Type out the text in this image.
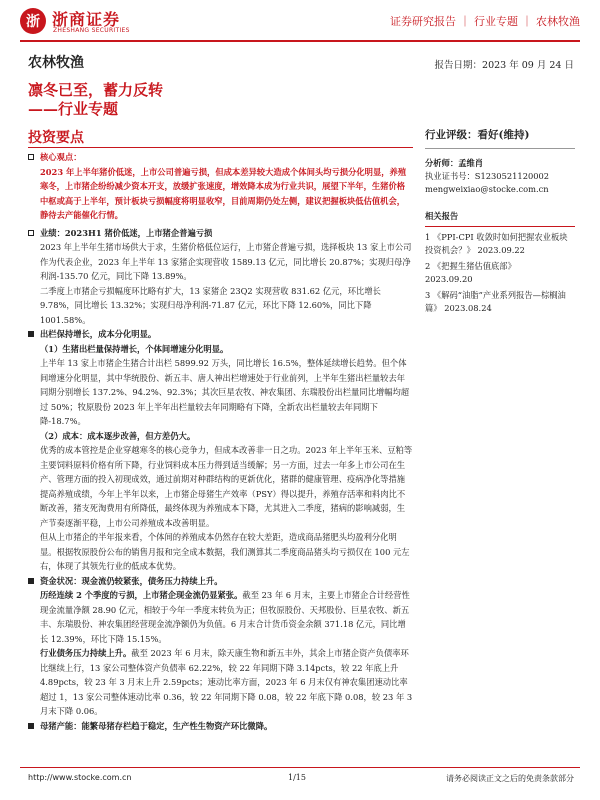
浙 浙商证券
ZHESHANG SECURITIES
证券研究报告 ｜ 行业专题 ｜ 农林牧渔
农林牧渔	报告日期：2023 年 09 月 24 日
凛冬已至，蓄力反转
——行业专题
投资要点
核心观点：
2023 年上半年猪价低迷，上市公司普遍亏损，但成本差异较大造成个体间头均亏损分化明显，养殖寒冬，上市猪企纷纷减少资本开支，放缓扩张速度，增效降本成为行业共识，展望下半年，生猪价格中枢或高于上半年，预计板块亏损幅度将明显收窄，目前周期仍处左侧，建议把握板块低估值机会，静待去产能催化行情。
业绩：2023H1 猪价低迷，上市猪企普遍亏损
2023 年上半年生猪市场供大于求，生猪价格低位运行，上市猪企普遍亏损，选择板块 13 家上市公司作为代表企业，2023 年上半年 13 家猪企实现营收 1589.13 亿元，同比增长 20.87%；实现归母净利润-135.70 亿元，同比下降 13.89%。
二季度上市猪企亏损幅度环比略有扩大，13 家猪企 23Q2 实现营收 831.62 亿元，环比增长 9.78%，同比增长 13.32%；实现归母净利润-71.87 亿元，环比下降 12.60%，同比下降 1001.58%。
出栏保持增长，成本分化明显。
（1）生猪出栏量保持增长，个体间增速分化明显。
上半年 13 家上市猪企生猪合计出栏 5899.92 万头，同比增长 16.5%，整体延续增长趋势。但个体间增速分化明显，其中华统股份、新五丰、唐人神出栏增速处于行业前列，上半年生猪出栏量较去年同期分别增长 137.2%、94.2%、92.3%；其次巨星农牧、神农集团、东瑞股份出栏量同比增幅均超过 50%；牧原股份 2023 年上半年出栏量较去年同期略有下降，全新农出栏量较去年同期下降-18.7%。
（2）成本：成本逐步改善，但方差仍大。
优秀的成本管控是企业穿越寒冬的核心竞争力，但成本改善非一日之功。2023 年上半年玉米、豆粕等主要饲料原料价格有所下降，行业饲料成本压力得到适当缓解；另一方面，过去一年多上市公司在生产、管理方面的投入初现成效，通过前期对种群结构的更新优化，猪群的健康管理、疫病净化等措施提高养殖成绩，今年上半年以来，上市猪企母猪生产效率（PSY）得以提升，养殖存活率和料肉比不断改善，猪支死淘费用有所降低，最终体现为养殖成本下降，尤其进入二季度，猪病的影响减弱，生产节奏逐渐平稳，上市公司养殖成本改善明显。
但从上市猪企的半年报来看，个体间的养殖成本仍然存在较大差距，造成商品猪肥头均盈利分化明显。根据牧原股份公布的销售月报和完全成本数据，我们测算其二季度商品猪头均亏损仅在 100 元左右，体现了其领先行业的低成本优势。
资金状况：现金流仍较紧张，债务压力持续上升。
历经连续 2 个季度的亏损，上市猪企现金流仍显紧张。截至 23 年 6 月末，主要上市猪企合计经营性现金流量净额 28.90 亿元，相较于今年一季度末转负为正；但牧原股份、天邦股份、巨星农牧、新五丰、东瑞股份、神农集团经营现金流净额仍为负值。6 月末合计货币资金余额 371.18 亿元，同比增长 12.39%，环比下降 15.15%。
行业债务压力持续上升。截至 2023 年 6 月末，除天康生物和新五丰外，其余上市猪企资产负债率环比继续上行，13 家公司整体资产负债率 62.22%，较 22 年同期下降 3.14pcts，较 22 年底上升 4.89pcts，较 23 年 3 月末上升 2.59pcts；速动比率方面，2023 年 6 月末仅有神农集团速动比率超过 1，13 家公司整体速动比率 0.36，较 22 年同期下降 0.08，较 22 年底下降 0.08，较 23 年 3 月末下降 0.06。
母猪产能：能繁母猪存栏趋于稳定，生产性生物资产环比微降。
行业评级：看好(维持)
分析师：孟维肖
执业证书号：S1230521120002
mengweixiao@stocke.com.cn
相关报告
1 《PPI-CPI 收敛时如何把握农业板块投资机会？》 2023.09.22
2 《把握生猪估值底部》
2023.09.20
3 《解码“油脂”产业系列报告—棕榈油篇》 2023.08.24
http://www.stocke.com.cn	1/15	请务必阅读正文之后的免责条款部分
